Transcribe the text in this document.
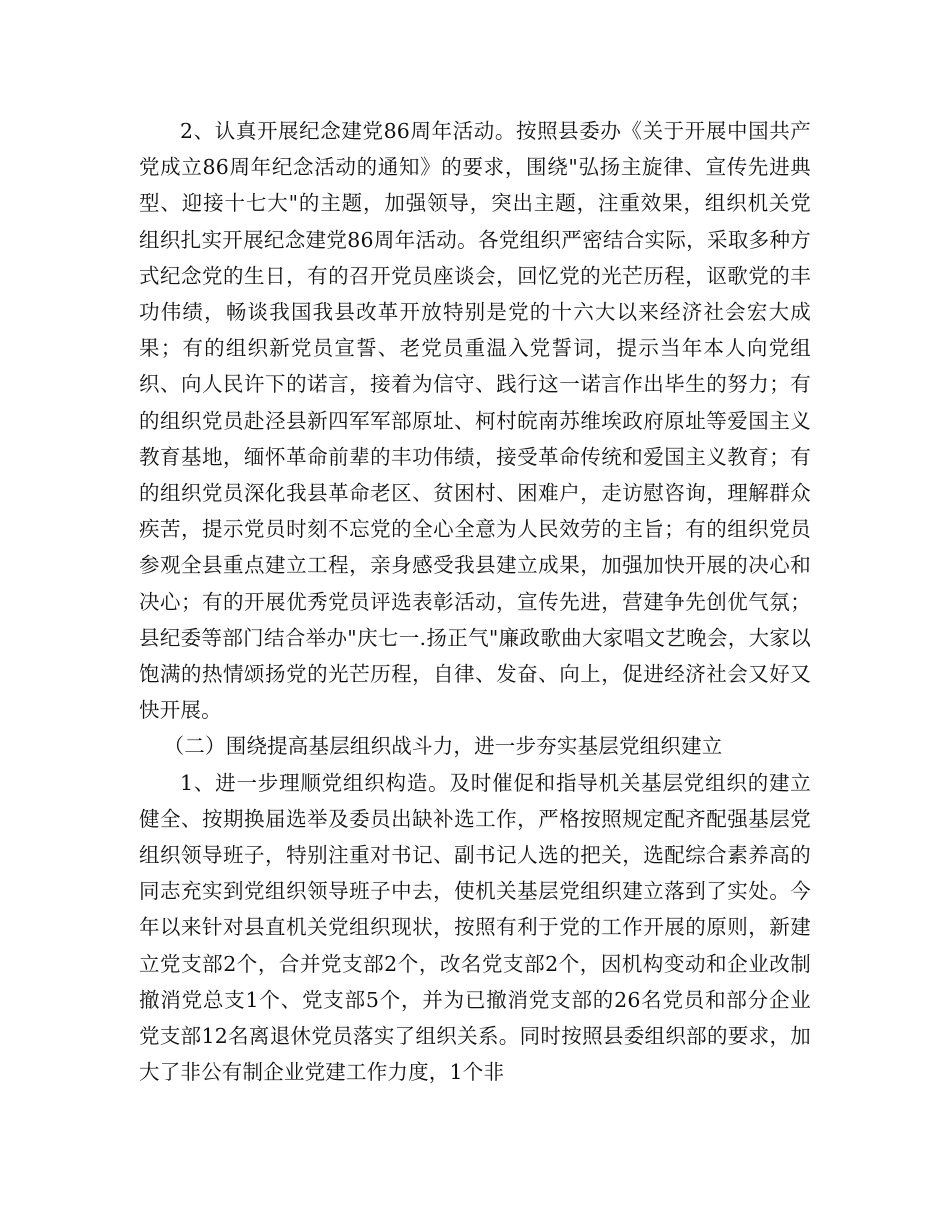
2、认真开展纪念建党86周年活动。按照县委办《关于开展中国共产党成立86周年纪念活动的通知》的要求，围绕"弘扬主旋律、宣传先进典型、迎接十七大"的主题，加强领导，突出主题，注重效果，组织机关党组织扎实开展纪念建党86周年活动。各党组织严密结合实际，采取多种方式纪念党的生日，有的召开党员座谈会，回忆党的光芒历程，讴歌党的丰功伟绩，畅谈我国我县改革开放特别是党的十六大以来经济社会宏大成果；有的组织新党员宣誓、老党员重温入党誓词，提示当年本人向党组织、向人民许下的诺言，接着为信守、践行这一诺言作出毕生的努力；有的组织党员赴泾县新四军军部原址、柯村皖南苏维埃政府原址等爱国主义教育基地，缅怀革命前辈的丰功伟绩，接受革命传统和爱国主义教育；有的组织党员深化我县革命老区、贫困村、困难户，走访慰咨询，理解群众疾苦，提示党员时刻不忘党的全心全意为人民效劳的主旨；有的组织党员参观全县重点建立工程，亲身感受我县建立成果，加强加快开展的决心和决心；有的开展优秀党员评选表彰活动，宣传先进，营建争先创优气氛；县纪委等部门结合举办"庆七一.扬正气"廉政歌曲大家唱文艺晚会，大家以饱满的热情颂扬党的光芒历程，自律、发奋、向上，促进经济社会又好又快开展。

（二）围绕提高基层组织战斗力，进一步夯实基层党组织建立

1、进一步理顺党组织构造。及时催促和指导机关基层党组织的建立健全、按期换届选举及委员出缺补选工作，严格按照规定配齐配强基层党组织领导班子，特别注重对书记、副书记人选的把关，选配综合素养高的同志充实到党组织领导班子中去，使机关基层党组织建立落到了实处。今年以来针对县直机关党组织现状，按照有利于党的工作开展的原则，新建立党支部2个，合并党支部2个，改名党支部2个，因机构变动和企业改制撤消党总支1个、党支部5个，并为已撤消党支部的26名党员和部分企业党支部12名离退休党员落实了组织关系。同时按照县委组织部的要求，加大了非公有制企业党建工作力度，1个非
